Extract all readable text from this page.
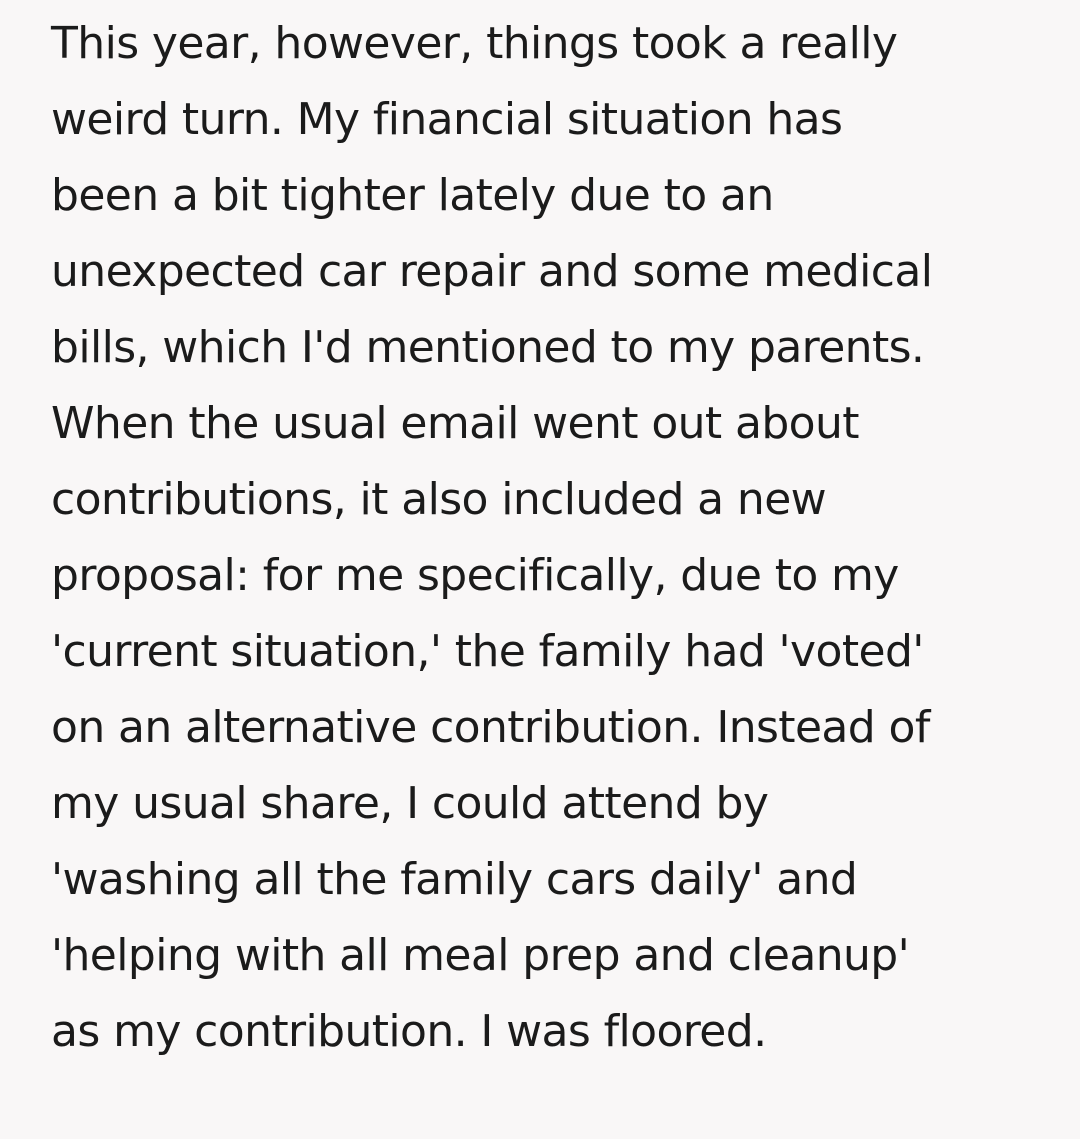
This year, however, things took a really
weird turn. My financial situation has
been a bit tighter lately due to an
unexpected car repair and some medical
bills, which I'd mentioned to my parents.
When the usual email went out about
contributions, it also included a new
proposal: for me specifically, due to my
'current situation,' the family had 'voted'
on an alternative contribution. Instead of
my usual share, I could attend by
'washing all the family cars daily' and
'helping with all meal prep and cleanup'
as my contribution. I was floored.
